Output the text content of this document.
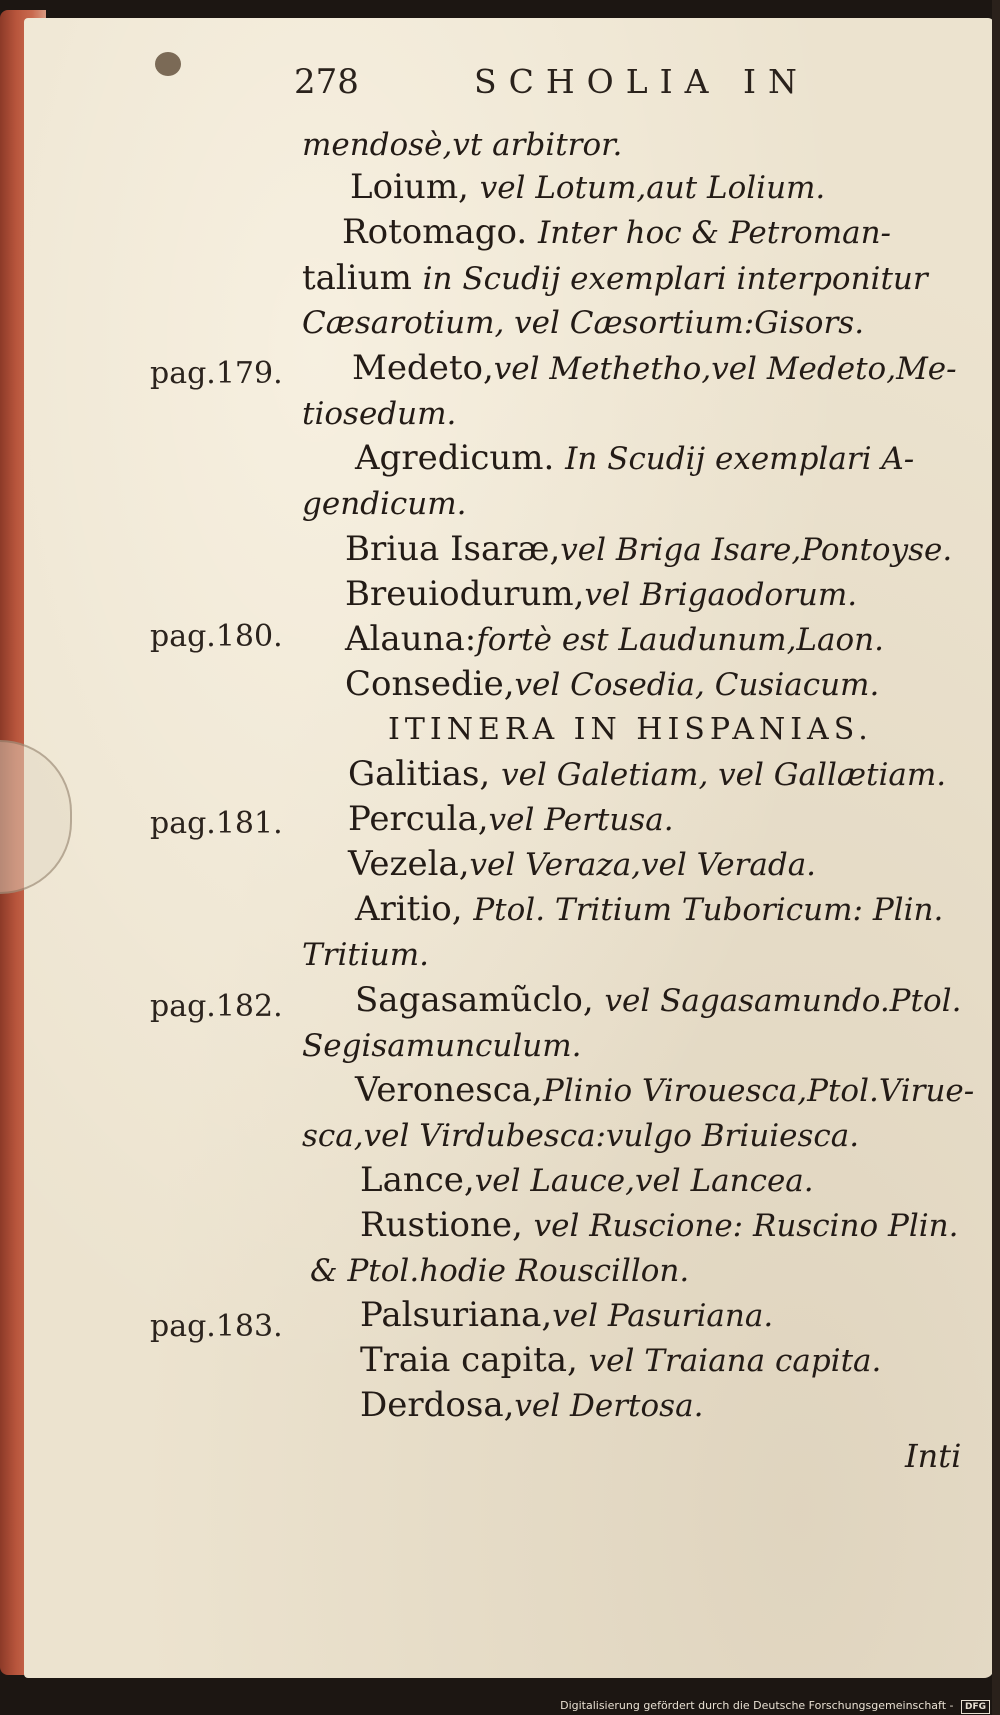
278	SCHOLIA IN
pag.179.
pag.180.
pag.181.
pag.182.
pag.183.
mendosè,vt arbitror.
Loium, vel Lotum,aut Lolium.
Rotomago. Inter hoc & Petroman-
talium in Scudij exemplari interponitur
Cæsarotium, vel Cæsortium:Gisors.
Medeto,vel Methetho,vel Medeto,Me-
tiosedum.
Agredicum. In Scudij exemplari A-
gendicum.
Briua Isaræ,vel Briga Isare,Pontoyse.
Breuiodurum,vel Brigaodorum.
Alauna:fortè est Laudunum,Laon.
Consedie,vel Cosedia, Cusiacum.
ITINERA IN HISPANIAS.
Galitias, vel Galetiam, vel Gallætiam.
Percula,vel Pertusa.
Vezela,vel Veraza,vel Verada.
Aritio, Ptol. Tritium Tuboricum: Plin.
Tritium.
Sagasamũclo, vel Sagasamundo.Ptol.
Segisamunculum.
Veronesca,Plinio Virouesca,Ptol.Virue-
sca,vel Virdubesca:vulgo Briuiesca.
Lance,vel Lauce,vel Lancea.
Rustione, vel Ruscione: Ruscino Plin.
& Ptol.hodie Rouscillon.
Palsuriana,vel Pasuriana.
Traia capita, vel Traiana capita.
Derdosa,vel Dertosa.
Inti
Digitalisierung gefördert durch die Deutsche Forschungsgemeinschaft - DFG
